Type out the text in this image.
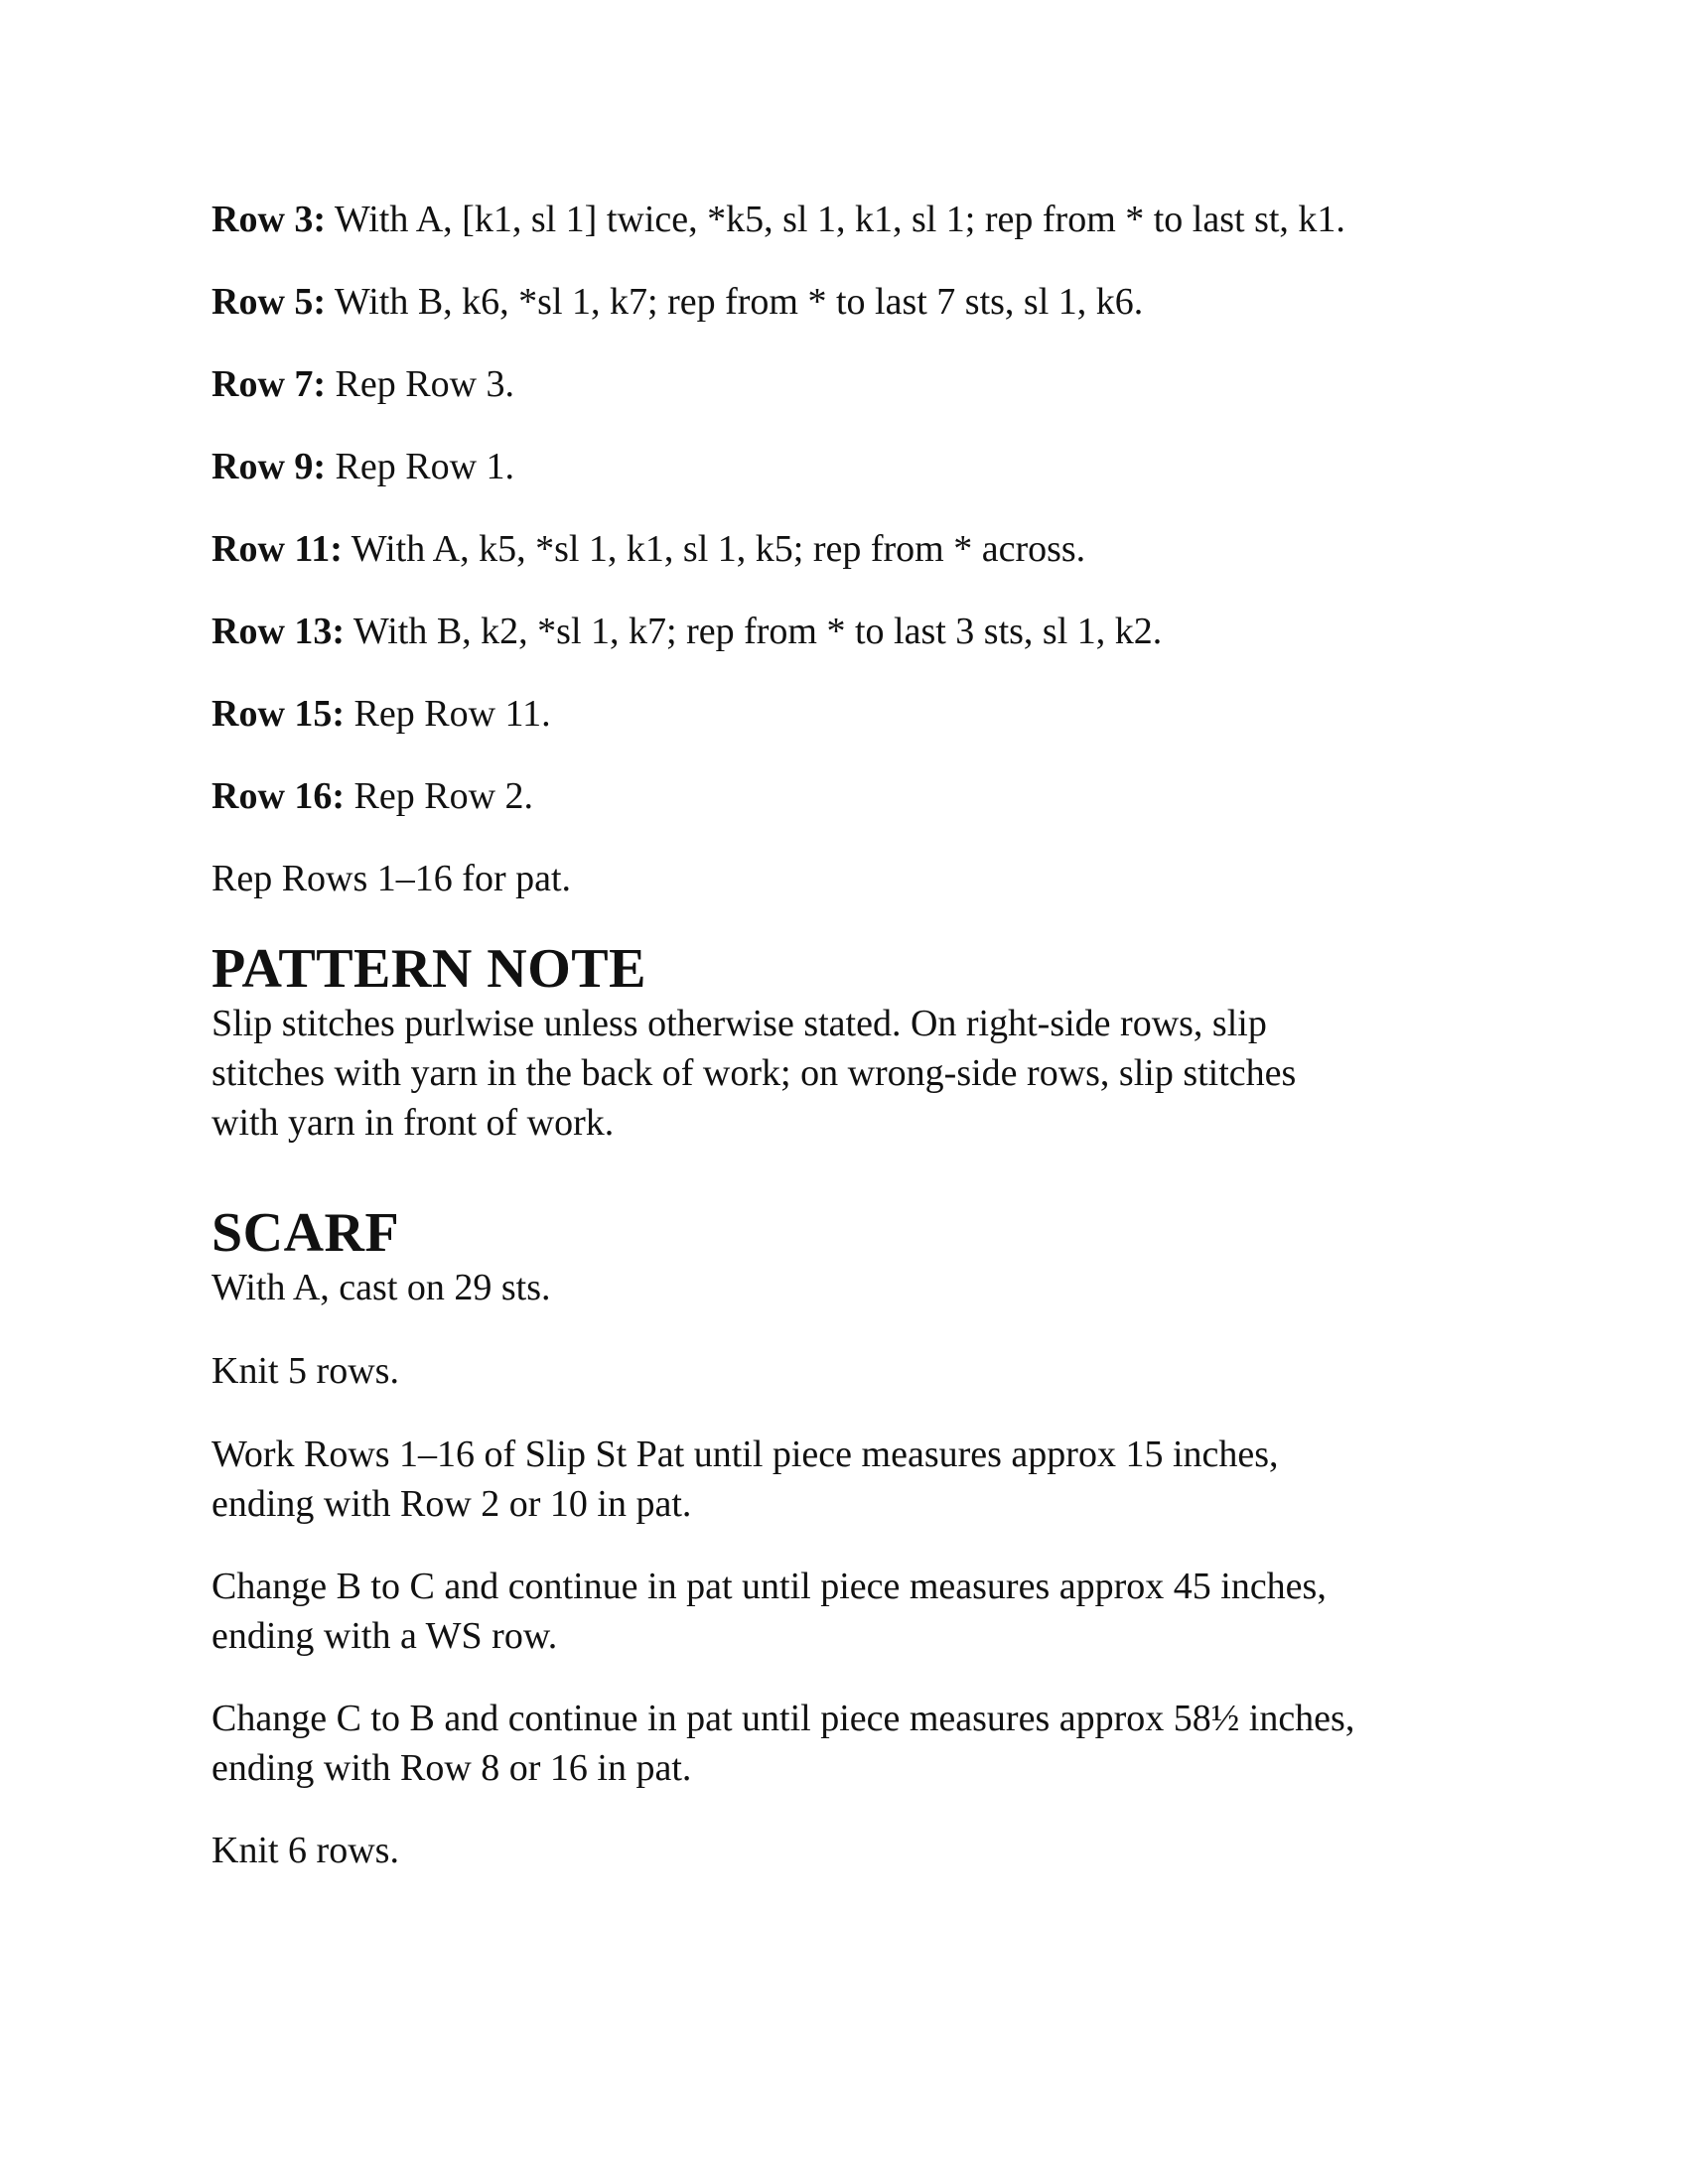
Row 3: With A, [k1, sl 1] twice, *k5, sl 1, k1, sl 1; rep from * to last st, k1.

Row 5: With B, k6, *sl 1, k7; rep from * to last 7 sts, sl 1, k6.

Row 7: Rep Row 3.

Row 9: Rep Row 1.

Row 11: With A, k5, *sl 1, k1, sl 1, k5; rep from * across.

Row 13: With B, k2, *sl 1, k7; rep from * to last 3 sts, sl 1, k2.

Row 15: Rep Row 11.

Row 16: Rep Row 2.

Rep Rows 1–16 for pat.

PATTERN NOTE

Slip stitches purlwise unless otherwise stated. On right-side rows, slip

stitches with yarn in the back of work; on wrong-side rows, slip stitches

with yarn in front of work.

SCARF

With A, cast on 29 sts.

Knit 5 rows.

Work Rows 1–16 of Slip St Pat until piece measures approx 15 inches,

ending with Row 2 or 10 in pat.

Change B to C and continue in pat until piece measures approx 45 inches,

ending with a WS row.

Change C to B and continue in pat until piece measures approx 58½ inches,

ending with Row 8 or 16 in pat.

Knit 6 rows.
